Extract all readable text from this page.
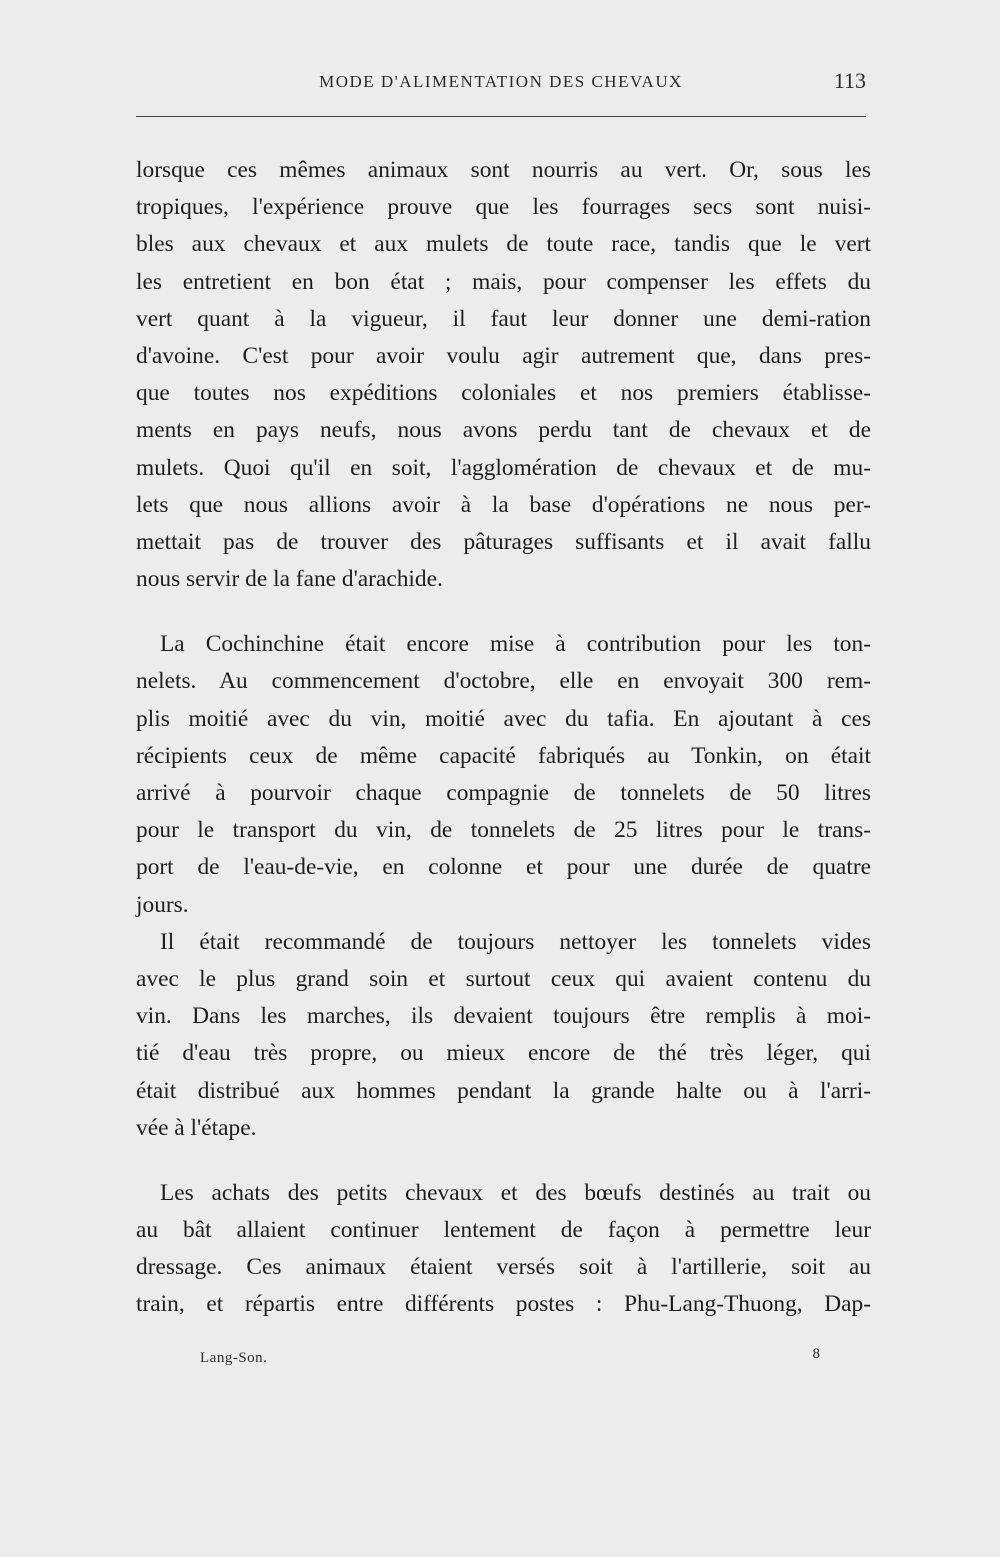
MODE D'ALIMENTATION DES CHEVAUX	113

lorsque ces mêmes animaux sont nourris au vert. Or, sous les
tropiques, l'expérience prouve que les fourrages secs sont nuisi-
bles aux chevaux et aux mulets de toute race, tandis que le vert
les entretient en bon état ; mais, pour compenser les effets du
vert quant à la vigueur, il faut leur donner une demi-ration
d'avoine. C'est pour avoir voulu agir autrement que, dans pres-
que toutes nos expéditions coloniales et nos premiers établisse-
ments en pays neufs, nous avons perdu tant de chevaux et de
mulets. Quoi qu'il en soit, l'agglomération de chevaux et de mu-
lets que nous allions avoir à la base d'opérations ne nous per-
mettait pas de trouver des pâturages suffisants et il avait fallu
nous servir de la fane d'arachide.

La Cochinchine était encore mise à contribution pour les ton-
nelets. Au commencement d'octobre, elle en envoyait 300 rem-
plis moitié avec du vin, moitié avec du tafia. En ajoutant à ces
récipients ceux de même capacité fabriqués au Tonkin, on était
arrivé à pourvoir chaque compagnie de tonnelets de 50 litres
pour le transport du vin, de tonnelets de 25 litres pour le trans-
port de l'eau-de-vie, en colonne et pour une durée de quatre
jours.

Il était recommandé de toujours nettoyer les tonnelets vides
avec le plus grand soin et surtout ceux qui avaient contenu du
vin. Dans les marches, ils devaient toujours être remplis à moi-
tié d'eau très propre, ou mieux encore de thé très léger, qui
était distribué aux hommes pendant la grande halte ou à l'arri-
vée à l'étape.

Les achats des petits chevaux et des bœufs destinés au trait ou
au bât allaient continuer lentement de façon à permettre leur
dressage. Ces animaux étaient versés soit à l'artillerie, soit au
train, et répartis entre différents postes : Phu-Lang-Thuong, Dap-

Lang-Son.	8
